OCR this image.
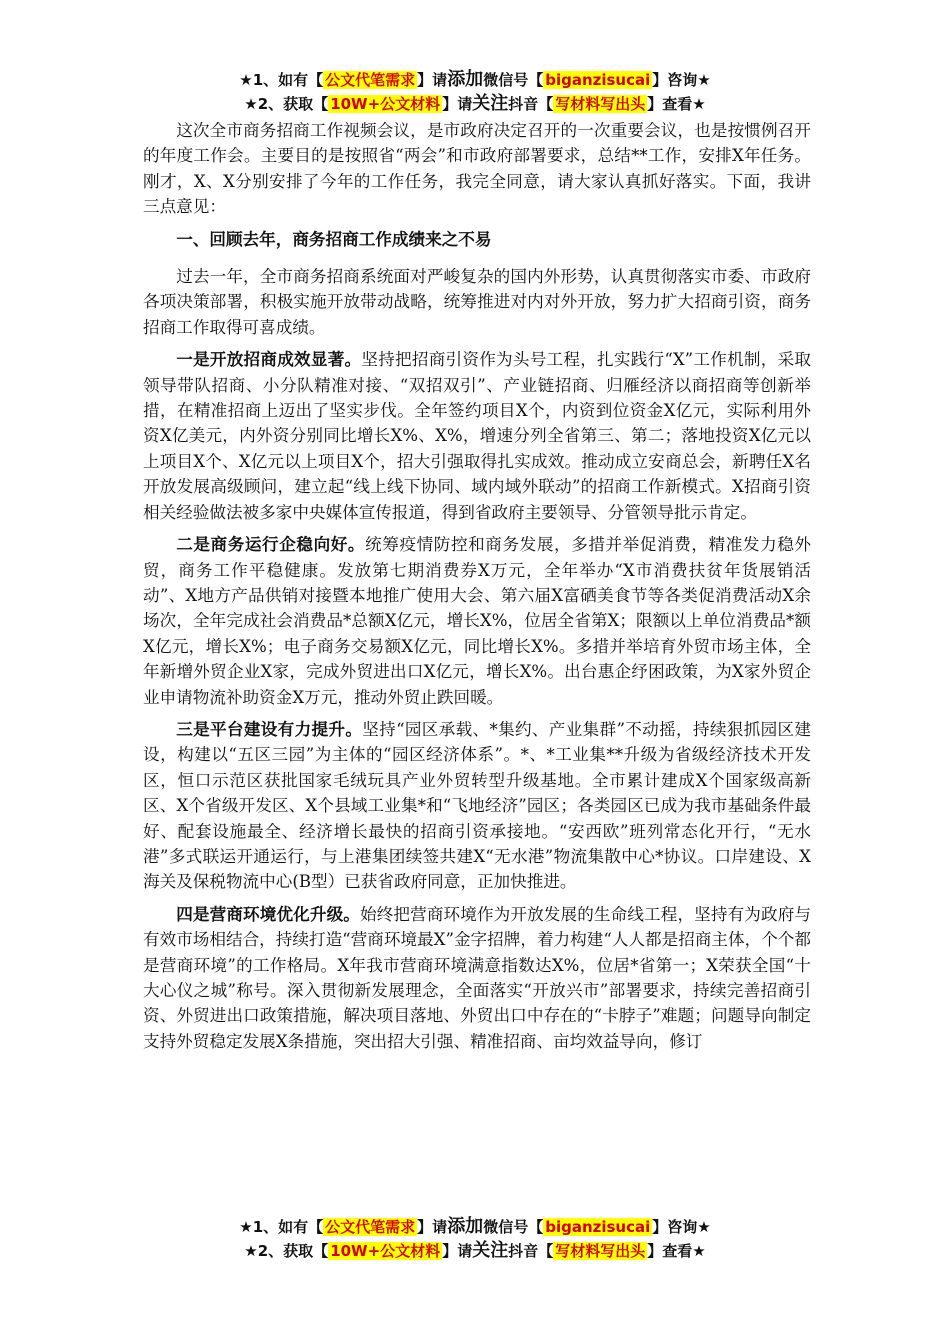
★1、如有【 公文代笔需求 】请添加微信号【 biganzisucai 】咨询★
★2、获取【 10W+公文材料 】请关注抖音【 写材料写出头 】查看★

这次全市商务招商工作视频会议，是市政府决定召开的一次重要会议，也是按惯例召开的年度工作会。主要目的是按照省“两会”和市政府部署要求，总结**工作，安排X年任务。刚才，X、X分别安排了今年的工作任务，我完全同意，请大家认真抓好落实。下面，我讲三点意见：

一、回顾去年，商务招商工作成绩来之不易

过去一年，全市商务招商系统面对严峻复杂的国内外形势，认真贯彻落实市委、市政府各项决策部署，积极实施开放带动战略，统筹推进对内对外开放，努力扩大招商引资，商务招商工作取得可喜成绩。

一是开放招商成效显著。坚持把招商引资作为头号工程，扎实践行“X”工作机制，采取领导带队招商、小分队精准对接、“双招双引”、产业链招商、归雁经济以商招商等创新举措，在精准招商上迈出了坚实步伐。全年签约项目X个，内资到位资金X亿元，实际利用外资X亿美元，内外资分别同比增长X%、X%，增速分列全省第三、第二；落地投资X亿元以上项目X个、X亿元以上项目X个，招大引强取得扎实成效。推动成立安商总会，新聘任X名开放发展高级顾问，建立起“线上线下协同、域内域外联动”的招商工作新模式。X招商引资相关经验做法被多家中央媒体宣传报道，得到省政府主要领导、分管领导批示肯定。

二是商务运行企稳向好。统筹疫情防控和商务发展，多措并举促消费，精准发力稳外贸，商务工作平稳健康。发放第七期消费券X万元，全年举办“X市消费扶贫年货展销活动”、X地方产品供销对接暨本地推广使用大会、第六届X富硒美食节等各类促消费活动X余场次，全年完成社会消费品*总额X亿元，增长X%，位居全省第X；限额以上单位消费品*额X亿元，增长X%；电子商务交易额X亿元，同比增长X%。多措并举培育外贸市场主体，全年新增外贸企业X家，完成外贸进出口X亿元，增长X%。出台惠企纾困政策，为X家外贸企业申请物流补助资金X万元，推动外贸止跌回暖。

三是平台建设有力提升。坚持“园区承载、*集约、产业集群”不动摇，持续狠抓园区建设，构建以“五区三园”为主体的“园区经济体系”。*、*工业集**升级为省级经济技术开发区，恒口示范区获批国家毛绒玩具产业外贸转型升级基地。全市累计建成X个国家级高新区、X个省级开发区、X个县域工业集*和“飞地经济”园区；各类园区已成为我市基础条件最好、配套设施最全、经济增长最快的招商引资承接地。“安西欧”班列常态化开行，“无水港”多式联运开通运行，与上港集团续签共建X“无水港”物流集散中心*协议。口岸建设、X海关及保税物流中心(B型）已获省政府同意，正加快推进。

四是营商环境优化升级。始终把营商环境作为开放发展的生命线工程，坚持有为政府与有效市场相结合，持续打造“营商环境最X”金字招牌，着力构建“人人都是招商主体，个个都是营商环境”的工作格局。X年我市营商环境满意指数达X%，位居*省第一；X荣获全国“十大心仪之城”称号。深入贯彻新发展理念，全面落实“开放兴市”部署要求，持续完善招商引资、外贸进出口政策措施，解决项目落地、外贸出口中存在的“卡脖子”难题；问题导向制定支持外贸稳定发展X条措施，突出招大引强、精准招商、亩均效益导向，修订

★1、如有【 公文代笔需求 】请添加微信号【 biganzisucai 】咨询★
★2、获取【 10W+公文材料 】请关注抖音【 写材料写出头 】查看★
